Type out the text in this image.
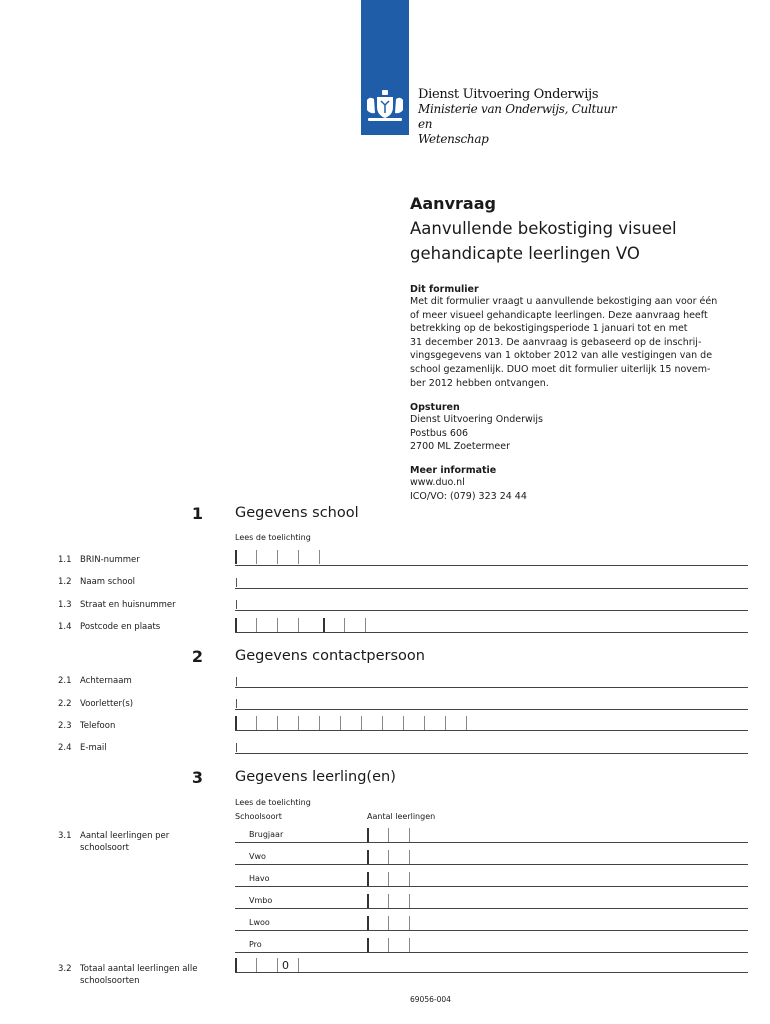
Dienst Uitvoering Onderwijs
Ministerie van Onderwijs, Cultuur en
Wetenschap
Aanvraag
Aanvullende bekostiging visueel
gehandicapte leerlingen VO
Dit formulier
Met dit formulier vraagt u aanvullende bekostiging aan voor één
of meer visueel gehandicapte leerlingen. Deze aanvraag heeft
betrekking op de bekostigingsperiode 1 januari tot en met
31 december 2013. De aanvraag is gebaseerd op de inschrij-
vingsgegevens van 1 oktober 2012 van alle vestigingen van de
school gezamenlijk. DUO moet dit formulier uiterlijk 15 novem-
ber 2012 hebben ontvangen.
Opsturen
Dienst Uitvoering Onderwijs
Postbus 606
2700 ML Zoetermeer
Meer informatie
www.duo.nl
ICO/VO: (079) 323 24 44
1 Gegevens school
Lees de toelichting
1.1 BRIN-nummer
1.2 Naam school
1.3 Straat en huisnummer
1.4 Postcode en plaats
2 Gegevens contactpersoon
2.1 Achternaam
2.2 Voorletter(s)
2.3 Telefoon
2.4 E-mail
3 Gegevens leerling(en)
Lees de toelichting
Schoolsoort	Aantal leerlingen
3.1 Aantal leerlingen per
schoolsoort
Brugjaar
Vwo
Havo
Vmbo
Lwoo
Pro
3.2 Totaal aantal leerlingen alle
schoolsoorten
0
69056-004
